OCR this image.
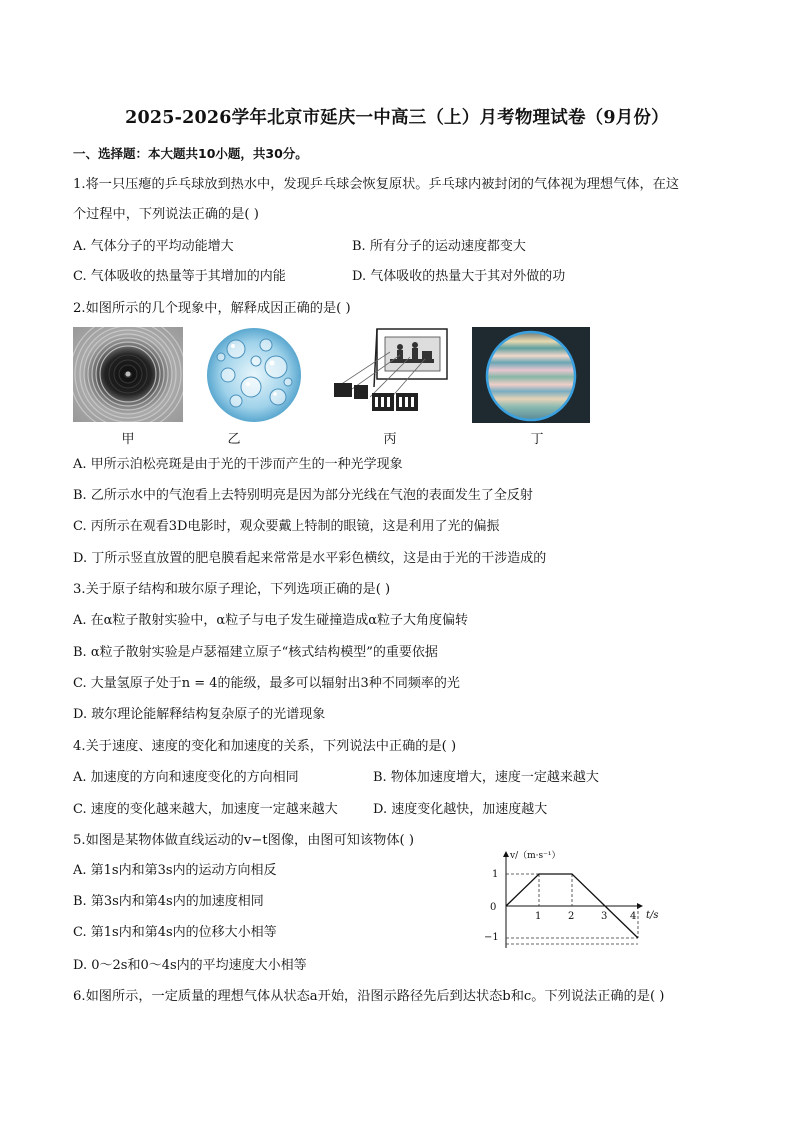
2025-2026学年北京市延庆一中高三（上）月考物理试卷（9月份）
一、选择题：本大题共10小题，共30分。
1.将一只压瘪的乒乓球放到热水中，发现乒乓球会恢复原状。乒乓球内被封闭的气体视为理想气体，在这
个过程中，下列说法正确的是( )
A. 气体分子的平均动能增大	B. 所有分子的运动速度都变大
C. 气体吸收的热量等于其增加的内能	D. 气体吸收的热量大于其对外做的功
2.如图所示的几个现象中，解释成因正确的是( )
甲	乙	丙	丁
A. 甲所示泊松亮斑是由于光的干涉而产生的一种光学现象
B. 乙所示水中的气泡看上去特别明亮是因为部分光线在气泡的表面发生了全反射
C. 丙所示在观看3D电影时，观众要戴上特制的眼镜，这是利用了光的偏振
D. 丁所示竖直放置的肥皂膜看起来常常是水平彩色横纹，这是由于光的干涉造成的
3.关于原子结构和玻尔原子理论，下列选项正确的是( )
A. 在α粒子散射实验中，α粒子与电子发生碰撞造成α粒子大角度偏转
B. α粒子散射实验是卢瑟福建立原子“核式结构模型”的重要依据
C. 大量氢原子处于n = 4的能级，最多可以辐射出3种不同频率的光
D. 玻尔理论能解释结构复杂原子的光谱现象
4.关于速度、速度的变化和加速度的关系，下列说法中正确的是( )
A. 加速度的方向和速度变化的方向相同	B. 物体加速度增大，速度一定越来越大
C. 速度的变化越来越大，加速度一定越来越大	D. 速度变化越快，加速度越大
5.如图是某物体做直线运动的v−t图像，由图可知该物体( )
A. 第1s内和第3s内的运动方向相反
B. 第3s内和第4s内的加速度相同
C. 第1s内和第4s内的位移大小相等
D. 0～2s和0～4s内的平均速度大小相等
v/（m·s⁻¹）
t/s
1
0
−1
1	2	3 4
6.如图所示，一定质量的理想气体从状态a开始，沿图示路径先后到达状态b和c。下列说法正确的是( )
